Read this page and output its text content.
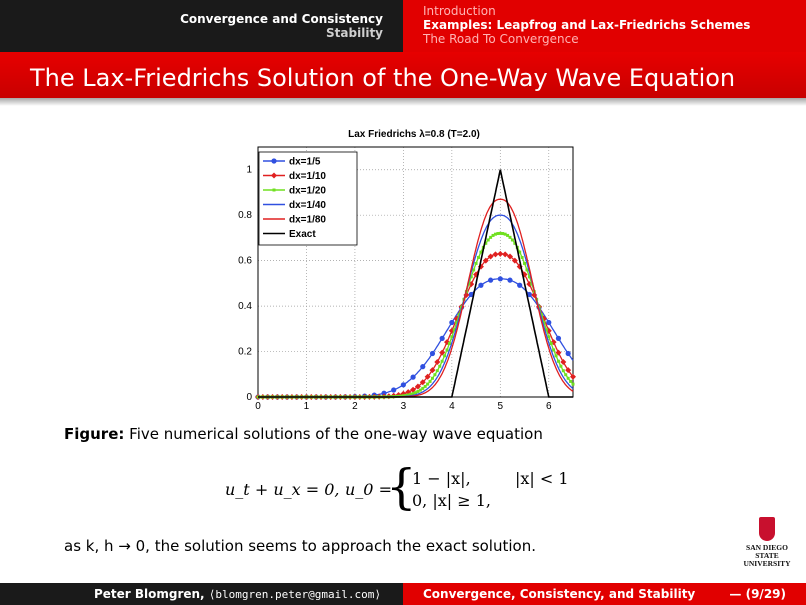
Convergence and Consistency
Stability
Introduction
Examples: Leapfrog and Lax-Friedrichs Schemes
The Road To Convergence
The Lax-Friedrichs Solution of the One-Way Wave Equation
Lax Friedrichs λ=0.8 (T=2.0)
0	1	2	3	4	5	6
0
0.2
0.4
0.6
0.8
1
dx=1/5
dx=1/10
dx=1/20
dx=1/40
dx=1/80
Exact
Figure: Five numerical solutions of the one-way wave equation
u_t + u_x = 0, u_0 =
{
1 − |x|,	|x| < 1
0, |x| ≥ 1,
as k, h → 0, the solution seems to approach the exact solution.	SAN DIEGO STATE
UNIVERSITY
Peter Blomgren, ⟨blomgren.peter@gmail.com⟩	Convergence, Consistency, and Stability	— (9/29)
